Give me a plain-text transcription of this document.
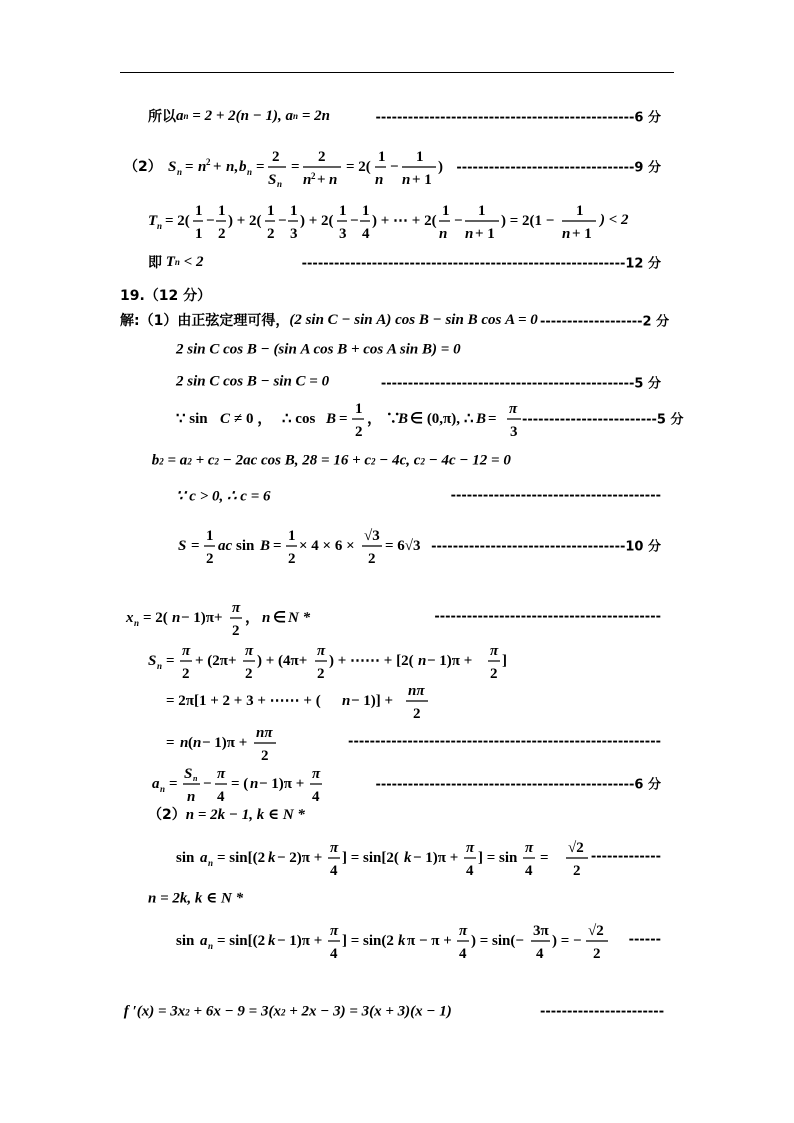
所以 a n = 2 + 2(n − 1), a n = 2n	------------------------------------------------6 分
（2） S n = n 2 + n , b n =
2
S n
=
2
n 2 + n
= 2(
1
n
−
1
n + 1
)	---------------------------------9 分
T n = 2(
1
1
−
1
2
) + 2(
1
2
−
1
3
) + 2(
1
3
−
1
4
) + ⋯ + 2(
1
n
−
1
n + 1
) = 2(1 −
1
n + 1
) < 2
即 T n < 2	------------------------------------------------------------12 分
19.（12 分）
解:（1）由正弦定理可得， (2 sin C − sin A) cos B − sin B cos A = 0 -------------------2 分
2 sin C cos B − (sin A cos B + cos A sin B) = 0
2 sin C cos B − sin C = 0	-----------------------------------------------5 分
∵ sin C ≠ 0 ， ∴ cos B =
1
2
， ∵
B ∈ (0,π), ∴ B =
π
3
-------------------------5 分
b 2 = a 2 + c 2 − 2ac cos B, 28 = 16 + c 2 − 4c, c 2 − 4c − 12 = 0
∵ c > 0, ∴ c = 6	---------------------------------------
S =
1
2
ac sin B =
1
2
× 4 × 6 ×
√3
2
= 6√3 ------------------------------------10 分
x n = 2( n − 1)π+
π
2
， n ∈ N *	------------------------------------------
S n =
π
2
+ (2π+
π
2
) + (4π+
π
2
) + ⋯⋯ + [2( n − 1)π +
π
2
]
= 2π[1 + 2 + 3 + ⋯⋯ + ( n − 1)] +
nπ
2
= n ( n − 1)π +
nπ
2
----------------------------------------------------------
a n =
S n
n
−
π
4
= ( n − 1)π +
π
4
------------------------------------------------6 分
（2） n = 2k − 1, k ∈ N *
sin a n = sin[(2 k − 2)π +
π
4
] = sin[2( k − 1)π +
π
4
] = sin
π
4
=
√2
2
-------------
n = 2k, k ∈ N *
sin a n = sin[(2 k − 1)π +
π
4
] = sin(2 k π − π +
π
4
) = sin(−
3π
4
) = −
√2
2
------
f ′(x) = 3x 2 + 6x − 9 = 3(x 2 + 2x − 3) = 3(x + 3)(x − 1)	-----------------------
